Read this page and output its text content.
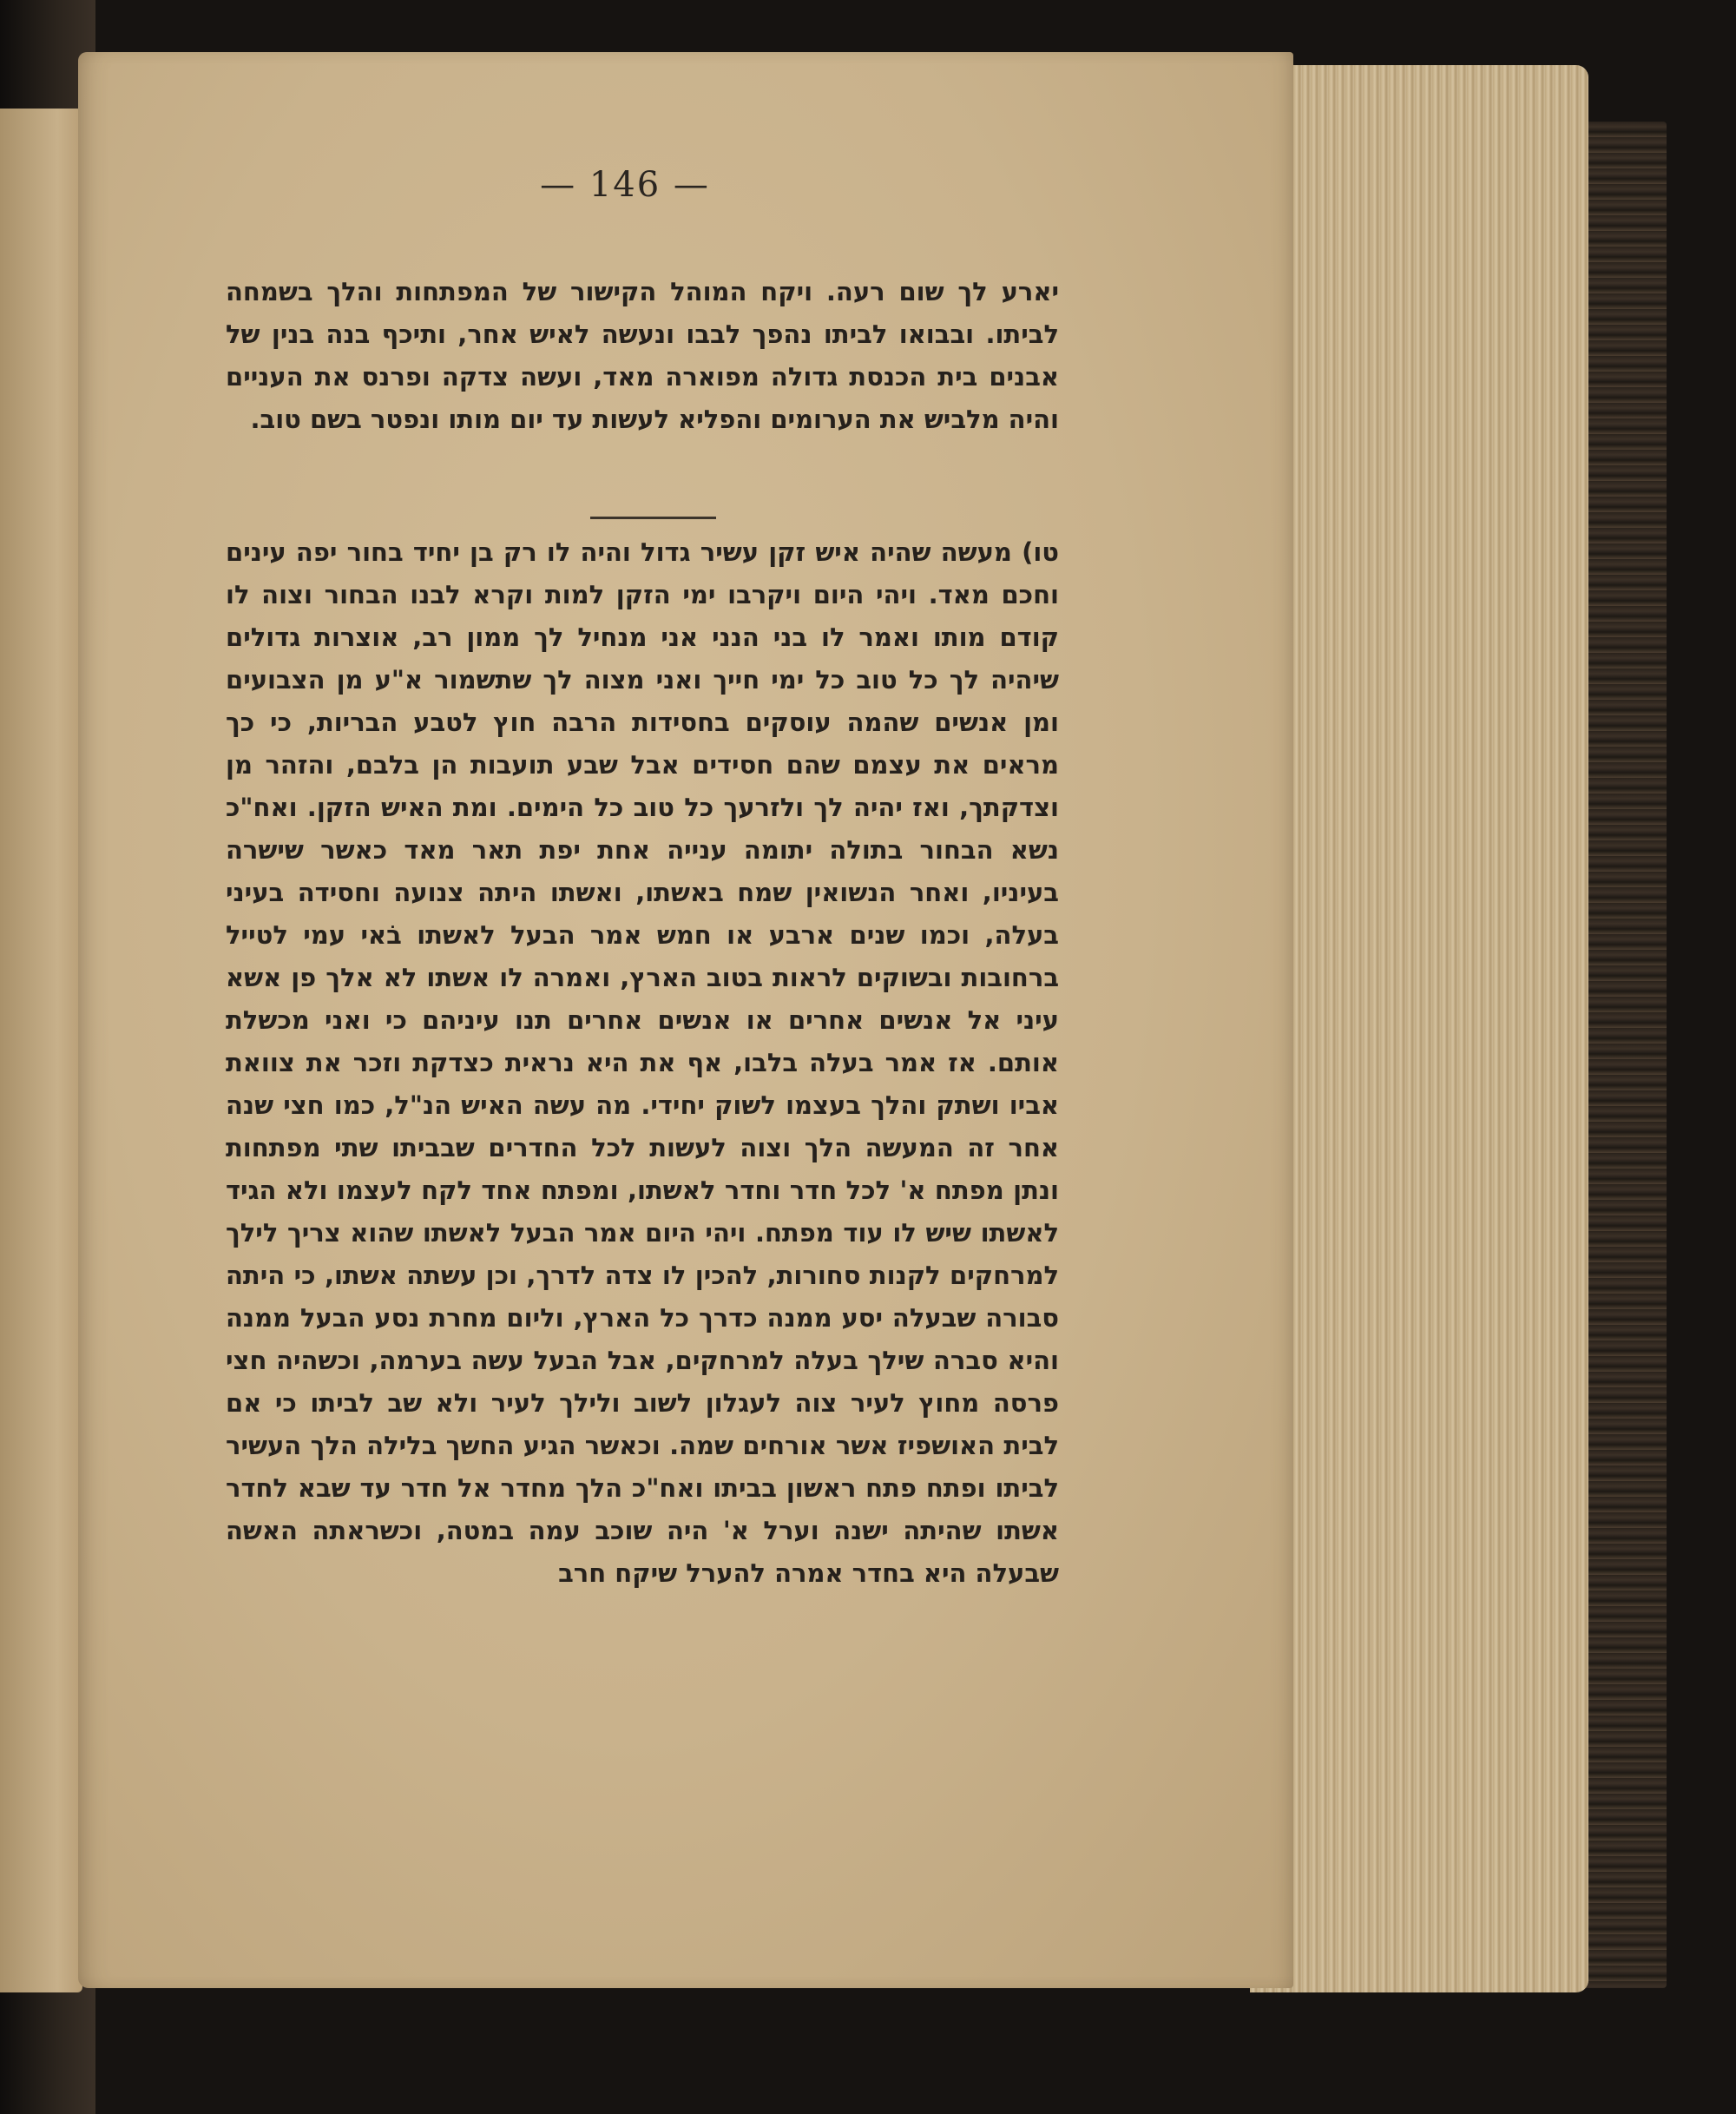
— 146 —

יארע לך שום רעה. ויקח המוהל הקישור של המפתחות והלך בשמחה לביתו. ובבואו לביתו נהפך לבבו ונעשה לאיש אחר, ותיכף בנה בנין של אבנים בית הכנסת גדולה מפוארה מאד, ועשה צדקה ופרנס את העניים והיה מלביש את הערומים והפליא לעשות עד יום מותו ונפטר בשם טוב.

טו) מעשה שהיה איש זקן עשיר גדול והיה לו רק בן יחיד בחור יפה עינים וחכם מאד. ויהי היום ויקרבו ימי הזקן למות וקרא לבנו הבחור וצוה לו קודם מותו ואמר לו בני הנני אני מנחיל לך ממון רב, אוצרות גדולים שיהיה לך כל טוב כל ימי חייך ואני מצוה לך שתשמור א"ע מן הצבועים ומן אנשים שהמה עוסקים בחסידות הרבה חוץ לטבע הבריות, כי כך מראים את עצמם שהם חסידים אבל שבע תועבות הן בלבם, והזהר מן וצדקתך, ואז יהיה לך ולזרעך כל טוב כל הימים. ומת האיש הזקן. ואח"כ נשא הבחור בתולה יתומה ענייה אחת יפת תאר מאד כאשר שישרה בעיניו, ואחר הנשואין שמח באשתו, ואשתו היתה צנועה וחסידה בעיני בעלה, וכמו שנים ארבע או חמש אמר הבעל לאשתו בֹאי עמי לטייל ברחובות ובשוקים לראות בטוב הארץ, ואמרה לו אשתו לא אלך פן אשא עיני אל אנשים אחרים או אנשים אחרים תנו עיניהם כי ואני מכשלת אותם. אז אמר בעלה בלבו, אף את היא נראית כצדקת וזכר את צוואת אביו ושתק והלך בעצמו לשוק יחידי. מה עשה האיש הנ"ל, כמו חצי שנה אחר זה המעשה הלך וצוה לעשות לכל החדרים שבביתו שתי מפתחות ונתן מפתח א' לכל חדר וחדר לאשתו, ומפתח אחד לקח לעצמו ולא הגיד לאשתו שיש לו עוד מפתח. ויהי היום אמר הבעל לאשתו שהוא צריך לילך למרחקים לקנות סחורות, להכין לו צדה לדרך, וכן עשתה אשתו, כי היתה סבורה שבעלה יסע ממנה כדרך כל הארץ, וליום מחרת נסע הבעל ממנה והיא סברה שילך בעלה למרחקים, אבל הבעל עשה בערמה, וכשהיה חצי פרסה מחוץ לעיר צוה לעגלון לשוב ולילך לעיר ולא שב לביתו כי אם לבית האושפיז אשר אורחים שמה. וכאשר הגיע החשך בלילה הלך העשיר לביתו ופתח פתח ראשון בביתו ואח"כ הלך מחדר אל חדר עד שבא לחדר אשתו שהיתה ישנה וערל א' היה שוכב עמה במטה, וכשראתה האשה שבעלה היא בחדר אמרה להערל שיקח חרב
